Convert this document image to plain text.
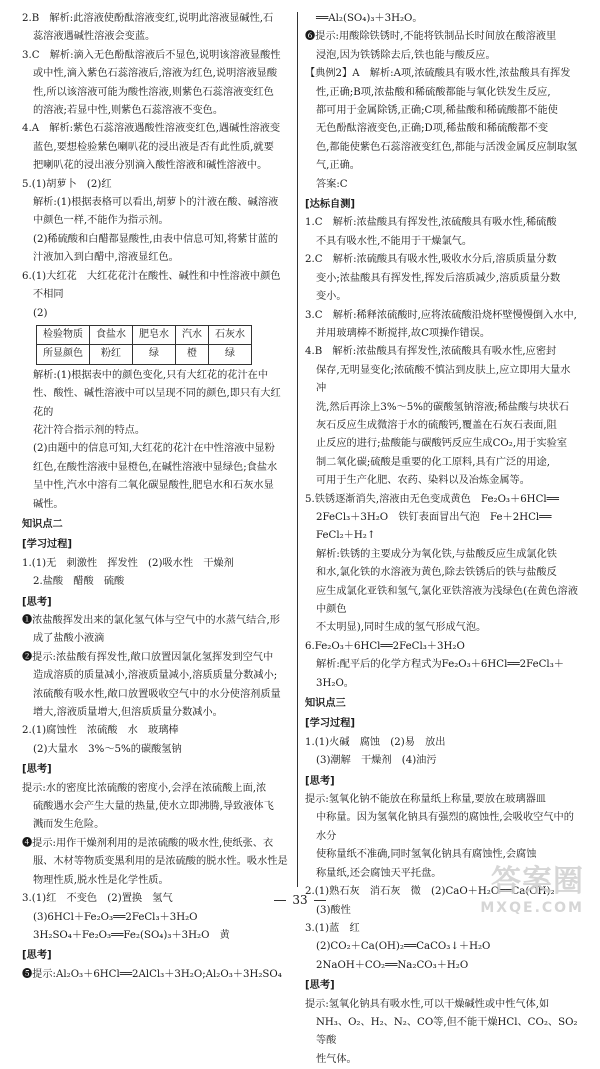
2.B　解析:此溶液使酚酞溶液变红,说明此溶液显碱性,石

蕊溶液遇碱性溶液会变蓝。

3.C　解析:滴入无色酚酞溶液后不显色,说明该溶液显酸性

或中性,滴入紫色石蕊溶液后,溶液为红色,说明溶液显酸

性,所以该溶液可能为酸性溶液,则紫色石蕊溶液变红色

的溶液;若显中性,则紫色石蕊溶液不变色。

4.A　解析:紫色石蕊溶液遇酸性溶液变红色,遇碱性溶液变

蓝色,要想检验紫色喇叭花的浸出液是否有此性质,就要

把喇叭花的浸出液分别滴入酸性溶液和碱性溶液中。

5.(1)胡萝卜　(2)红

解析:(1)根据表格可以看出,胡萝卜的汁液在酸、碱溶液

中颜色一样,不能作为指示剂。

(2)稀硫酸和白醋都显酸性,由表中信息可知,将紫甘蓝的

汁液加入到白醋中,溶液显红色。

6.(1)大红花　大红花花汁在酸性、碱性和中性溶液中颜色

不相同

(2)

检验物质	食盐水	肥皂水	汽水	石灰水
所显颜色	粉红	绿	橙	绿

解析:(1)根据表中的颜色变化,只有大红花的花汁在中

性、酸性、碱性溶液中可以呈现不同的颜色,即只有大红花的

花汁符合指示剂的特点。

(2)由题中的信息可知,大红花的花汁在中性溶液中显粉

红色,在酸性溶液中显橙色,在碱性溶液中显绿色;食盐水

呈中性,汽水中溶有二氧化碳显酸性,肥皂水和石灰水显

碱性。

知识点二

[学习过程]

1.(1)无　刺激性　挥发性　(2)吸水性　干燥剂

2.盐酸　醋酸　硫酸

[思考]

❶浓盐酸挥发出来的氯化氢气体与空气中的水蒸气结合,形

成了盐酸小液滴

❷提示:浓盐酸有挥发性,敞口放置因氯化氢挥发到空气中

造成溶质的质量减小,溶液质量减小,溶质质量分数减小;

浓硫酸有吸水性,敞口放置吸收空气中的水分使溶剂质量

增大,溶液质量增大,但溶质质量分数减小。

2.(1)腐蚀性　浓硫酸　水　玻璃棒

(2)大量水　3%～5%的碳酸氢钠

[思考]

提示:水的密度比浓硫酸的密度小,会浮在浓硫酸上面,浓

硫酸遇水会产生大量的热量,使水立即沸腾,导致液体飞

溅而发生危险。

❹提示:用作干燥剂利用的是浓硫酸的吸水性,使纸张、衣

服、木材等物质变黑利用的是浓硫酸的脱水性。吸水性是

物理性质,脱水性是化学性质。

3.(1)红　不变色　(2)置换　氢气

(3)6HCl＋Fe₂O₃══2FeCl₃＋3H₂O

3H₂SO₄＋Fe₂O₃══Fe₂(SO₄)₃＋3H₂O　黄

[思考]

❺提示:Al₂O₃＋6HCl══2AlCl₃＋3H₂O;Al₂O₃＋3H₂SO₄

══Al₂(SO₄)₃＋3H₂O。

❻提示:用酸除铁锈时,不能将铁制品长时间放在酸溶液里

浸泡,因为铁锈除去后,铁也能与酸反应。

【典例2】A　解析:A项,浓硫酸具有吸水性,浓盐酸具有挥发

性,正确;B项,浓盐酸和稀硫酸都能与氧化铁发生反应,

都可用于金属除锈,正确;C项,稀盐酸和稀硫酸都不能使

无色酚酞溶液变色,正确;D项,稀盐酸和稀硫酸都不变

色,都能使紫色石蕊溶液变红色,都能与活泼金属反应制取氢

气,正确。

答案:C

[达标自测]

1.C　解析:浓盐酸具有挥发性,浓硫酸具有吸水性,稀硫酸

不具有吸水性,不能用于干燥氯气。

2.C　解析:浓硫酸具有吸水性,吸收水分后,溶质质量分数

变小;浓盐酸具有挥发性,挥发后溶质减少,溶质质量分数

变小。

3.C　解析:稀释浓硫酸时,应将浓硫酸沿烧杯壁慢慢倒入水中,

并用玻璃棒不断搅拌,故C项操作错误。

4.B　解析:浓盐酸具有挥发性,浓硫酸具有吸水性,应密封

保存,无明显变化;浓硫酸不慎沾到皮肤上,应立即用大量水冲

洗,然后再涂上3%～5%的碳酸氢钠溶液;稀盐酸与块状石

灰石反应生成微溶于水的硫酸钙,覆盖在石灰石表面,阻

止反应的进行;盐酸能与碳酸钙反应生成CO₂,用于实验室

制二氧化碳;硫酸是重要的化工原料,具有广泛的用途,

可用于生产化肥、农药、染料以及冶炼金属等。

5.铁锈逐渐消失,溶液由无色变成黄色　Fe₂O₃＋6HCl══

2FeCl₃＋3H₂O　铁钉表面冒出气泡　Fe＋2HCl══

FeCl₂＋H₂↑

解析:铁锈的主要成分为氧化铁,与盐酸反应生成氯化铁

和水,氯化铁的水溶液为黄色,除去铁锈后的铁与盐酸反

应生成氯化亚铁和氢气,氯化亚铁溶液为浅绿色(在黄色溶液中颜色

不太明显),同时生成的氢气形成气泡。

6.Fe₂O₃＋6HCl══2FeCl₃＋3H₂O

解析:配平后的化学方程式为Fe₂O₃＋6HCl══2FeCl₃＋

3H₂O。

知识点三

[学习过程]

1.(1)火碱　腐蚀　(2)易　放出

(3)潮解　干燥剂　(4)油污

[思考]

提示:氢氧化钠不能放在称量纸上称量,要放在玻璃器皿

中称量。因为氢氧化钠具有强烈的腐蚀性,会吸收空气中的水分

使称量纸不准确,同时氢氧化钠具有腐蚀性,会腐蚀

称量纸,还会腐蚀天平托盘。

2.(1)熟石灰　消石灰　微　(2)CaO＋H₂O══Ca(OH)₂

(3)酸性

3.(1)蓝　红

(2)CO₂＋Ca(OH)₂══CaCO₃↓＋H₂O

2NaOH＋CO₂══Na₂CO₃＋H₂O

[思考]

提示:氢氧化钠具有吸水性,可以干燥碱性或中性气体,如

NH₃、O₂、H₂、N₂、CO等,但不能干燥HCl、CO₂、SO₂等酸

性气体。

33
答案圈
MXQE.COM
